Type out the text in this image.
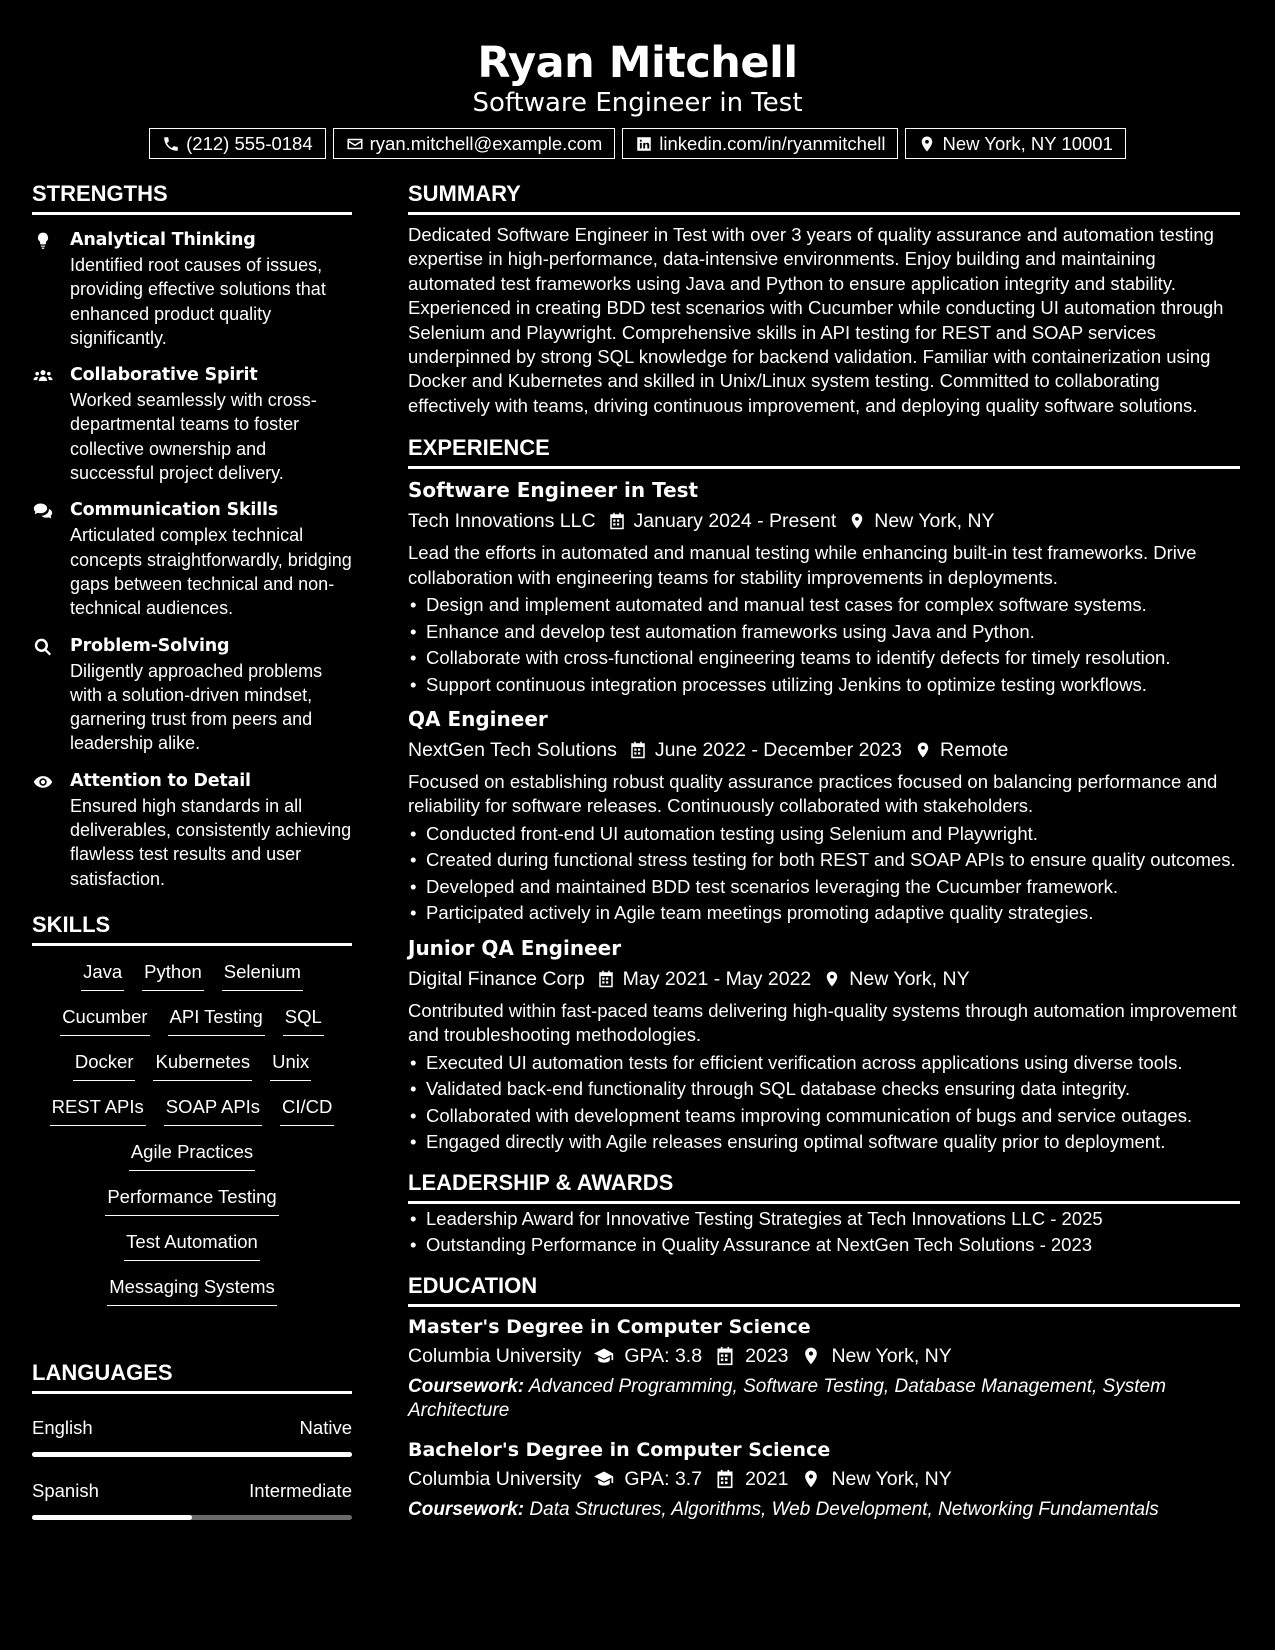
Ryan Mitchell
Software Engineer in Test
(212) 555-0184	ryan.mitchell@example.com	linkedin.com/in/ryanmitchell	New York, NY 10001
STRENGTHS
Analytical Thinking
Identified root causes of issues, providing effective solutions that enhanced product quality significantly.
Collaborative Spirit
Worked seamlessly with cross-departmental teams to foster collective ownership and successful project delivery.
Communication Skills
Articulated complex technical concepts straightforwardly, bridging gaps between technical and non-technical audiences.
Problem-Solving
Diligently approached problems with a solution-driven mindset, garnering trust from peers and leadership alike.
Attention to Detail
Ensured high standards in all deliverables, consistently achieving flawless test results and user satisfaction.
SKILLS
Java Python Selenium
Cucumber API Testing SQL
Docker Kubernetes Unix
REST APIs SOAP APIs CI/CD
Agile Practices
Performance Testing
Test Automation
Messaging Systems
LANGUAGES
English	Native
Spanish	Intermediate
SUMMARY
Dedicated Software Engineer in Test with over 3 years of quality assurance and automation testing expertise in high-performance, data-intensive environments. Enjoy building and maintaining automated test frameworks using Java and Python to ensure application integrity and stability. Experienced in creating BDD test scenarios with Cucumber while conducting UI automation through Selenium and Playwright. Comprehensive skills in API testing for REST and SOAP services underpinned by strong SQL knowledge for backend validation. Familiar with containerization using Docker and Kubernetes and skilled in Unix/Linux system testing. Committed to collaborating effectively with teams, driving continuous improvement, and deploying quality software solutions.
EXPERIENCE
Software Engineer in Test
Tech Innovations LLC January 2024 - Present New York, NY
Lead the efforts in automated and manual testing while enhancing built-in test frameworks. Drive collaboration with engineering teams for stability improvements in deployments.
• Design and implement automated and manual test cases for complex software systems.
• Enhance and develop test automation frameworks using Java and Python.
• Collaborate with cross-functional engineering teams to identify defects for timely resolution.
• Support continuous integration processes utilizing Jenkins to optimize testing workflows.
QA Engineer
NextGen Tech Solutions June 2022 - December 2023 Remote
Focused on establishing robust quality assurance practices focused on balancing performance and reliability for software releases. Continuously collaborated with stakeholders.
• Conducted front-end UI automation testing using Selenium and Playwright.
• Created during functional stress testing for both REST and SOAP APIs to ensure quality outcomes.
• Developed and maintained BDD test scenarios leveraging the Cucumber framework.
• Participated actively in Agile team meetings promoting adaptive quality strategies.
Junior QA Engineer
Digital Finance Corp May 2021 - May 2022 New York, NY
Contributed within fast-paced teams delivering high-quality systems through automation improvement and troubleshooting methodologies.
• Executed UI automation tests for efficient verification across applications using diverse tools.
• Validated back-end functionality through SQL database checks ensuring data integrity.
• Collaborated with development teams improving communication of bugs and service outages.
• Engaged directly with Agile releases ensuring optimal software quality prior to deployment.
LEADERSHIP & AWARDS
• Leadership Award for Innovative Testing Strategies at Tech Innovations LLC - 2025
• Outstanding Performance in Quality Assurance at NextGen Tech Solutions - 2023
EDUCATION
Master's Degree in Computer Science
Columbia University GPA: 3.8 2023 New York, NY
Coursework: Advanced Programming, Software Testing, Database Management, System Architecture
Bachelor's Degree in Computer Science
Columbia University GPA: 3.7 2021 New York, NY
Coursework: Data Structures, Algorithms, Web Development, Networking Fundamentals
